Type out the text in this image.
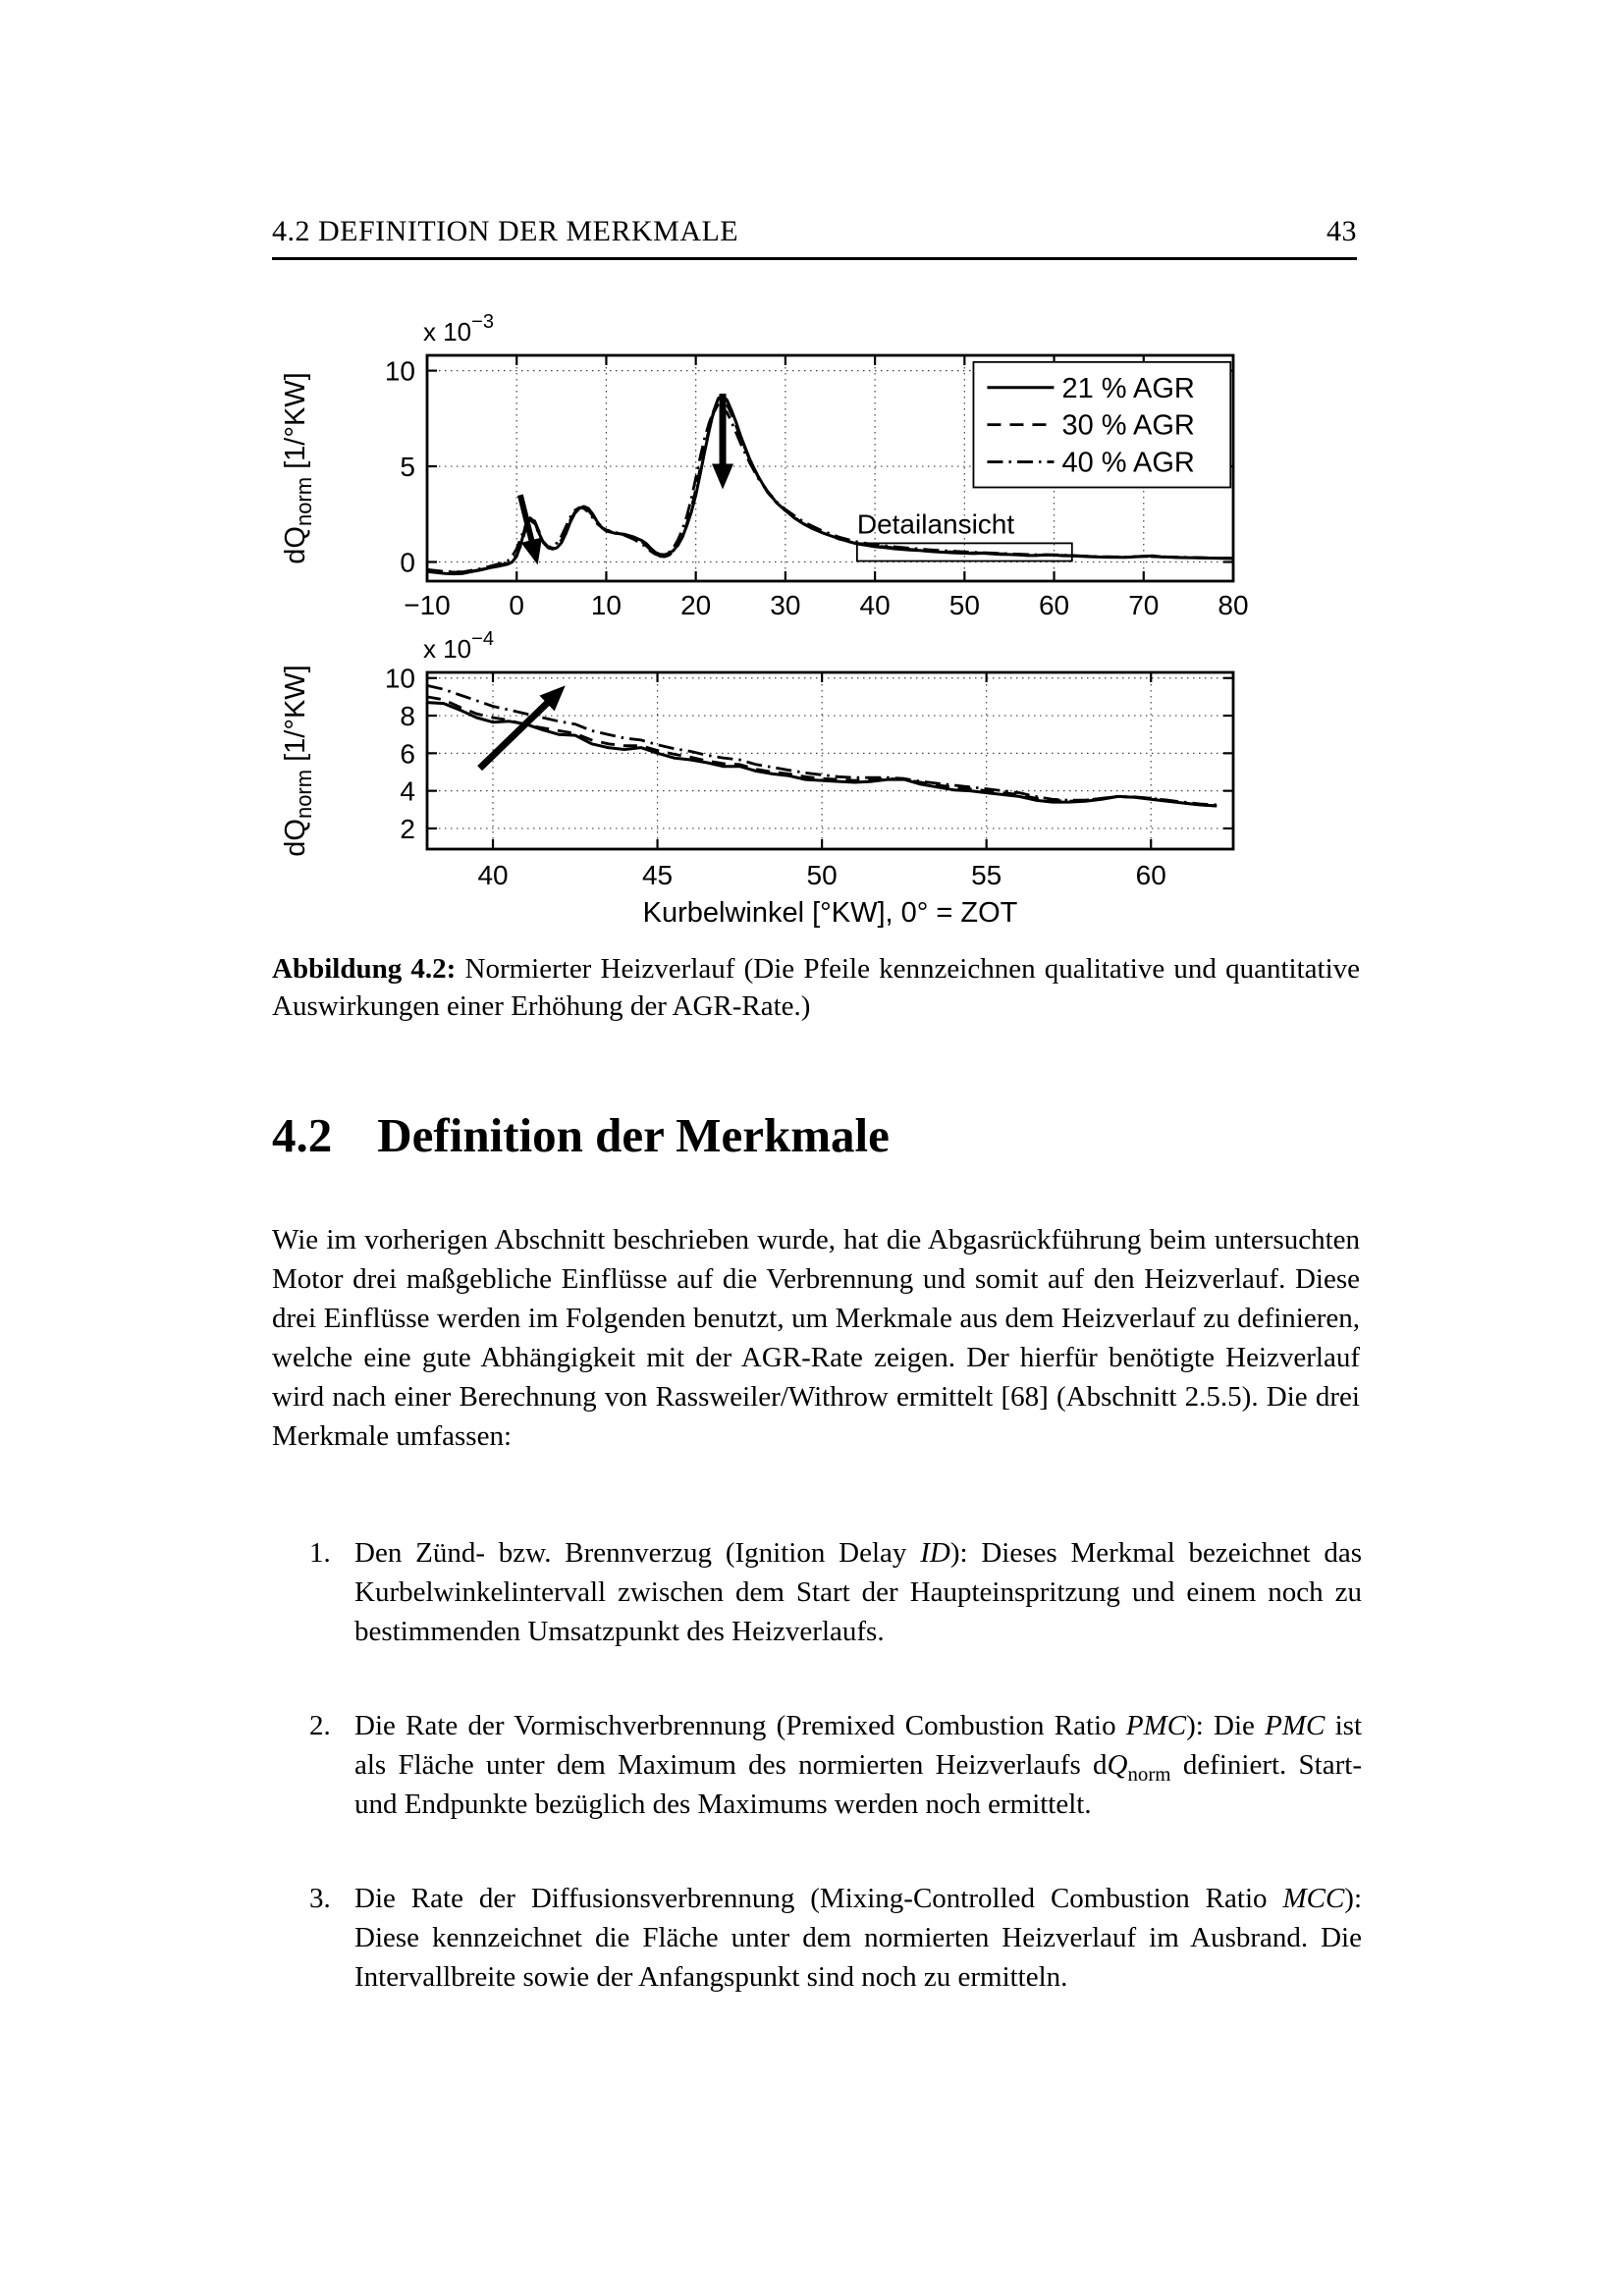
4.2 DEFINITION DER MERKMALE	43
Detailansicht
−10 0 10 20 30 40 50 60 70 80
0
5
10
x $10^{-3}$
$dQ_{norm}$ [1/°KW]	21 % AGR
30 % AGR
40 % AGR
40	45	50	55	60
2
4
6
8
10
x $10^{-4}$
$dQ_{norm}$ [1/°KW]
Kurbelwinkel [°KW], 0° = ZOT

Abbildung 4.2: Normierter Heizverlauf (Die Pfeile kennzeichnen qualitative und quantitative Auswirkungen einer Erhöhung der AGR-Rate.)

4.2 Definition der Merkmale

Wie im vorherigen Abschnitt beschrieben wurde, hat die Abgasrückführung beim untersuchten Motor drei maßgebliche Einflüsse auf die Verbrennung und somit auf den Heizverlauf. Diese drei Einflüsse werden im Folgenden benutzt, um Merkmale aus dem Heizverlauf zu definieren, welche eine gute Abhängigkeit mit der AGR-Rate zeigen. Der hierfür benötigte Heizverlauf wird nach einer Berechnung von Rassweiler/Withrow ermittelt [68] (Abschnitt 2.5.5). Die drei Merkmale umfassen:

1. Den Zünd- bzw. Brennverzug (Ignition Delay ID): Dieses Merkmal bezeichnet das Kurbelwinkelintervall zwischen dem Start der Haupteinspritzung und einem noch zu bestimmenden Umsatzpunkt des Heizverlaufs.
2. Die Rate der Vormischverbrennung (Premixed Combustion Ratio PMC): Die PMC ist als Fläche unter dem Maximum des normierten Heizverlaufs $dQ_{norm}$ definiert. Start- und Endpunkte bezüglich des Maximums werden noch ermittelt.
3. Die Rate der Diffusionsverbrennung (Mixing-Controlled Combustion Ratio MCC): Diese kennzeichnet die Fläche unter dem normierten Heizverlauf im Ausbrand. Die Intervallbreite sowie der Anfangspunkt sind noch zu ermitteln.
